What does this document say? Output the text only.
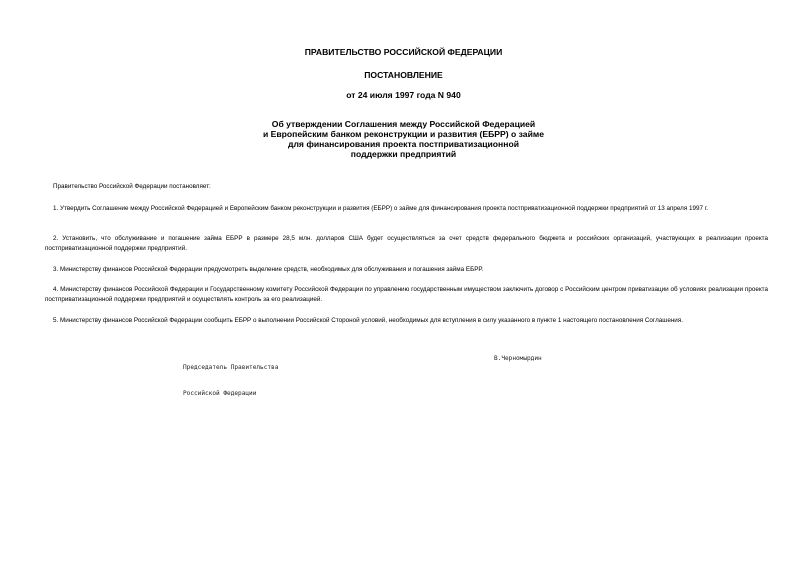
ПРАВИТЕЛЬСТВО РОССИЙСКОЙ ФЕДЕРАЦИИ
ПОСТАНОВЛЕНИЕ
от 24 июля 1997 года N 940
Об утверждении Соглашения между Российской Федерацией
и Европейским банком реконструкции и развития (ЕБРР) о займе
для финансирования проекта постприватизационной
поддержки предприятий
Правительство Российской Федерации постановляет:
1. Утвердить Соглашение между Российской Федерацией и Европейским банком реконструкции и развития (ЕБРР) о займе для финансирования проекта постприватизационной поддержки предприятий от 13 апреля 1997 г.
2. Установить, что обслуживание и погашение займа ЕБРР в размере 28,5 млн. долларов США будет осуществляться за счет средств федерального бюджета и российских организаций, участвующих в реализации проекта постприватизационной поддержки предприятий.
3. Министерству финансов Российской Федерации предусмотреть выделение средств, необходимых для обслуживания и погашения займа ЕБРР.
4. Министерству финансов Российской Федерации и Государственному комитету Российской Федерации по управлению государственным имуществом заключить договор с Российским центром приватизации об условиях реализации проекта постприватизационной поддержки предприятий и осуществлять контроль за его реализацией.
5. Министерству финансов Российской Федерации сообщить ЕБРР о выполнении Российской Стороной условий, необходимых для вступления в силу указанного в пункте 1 настоящего постановления Соглашения.

Председатель Правительства

Российской Федерации

В.Черномырдин
